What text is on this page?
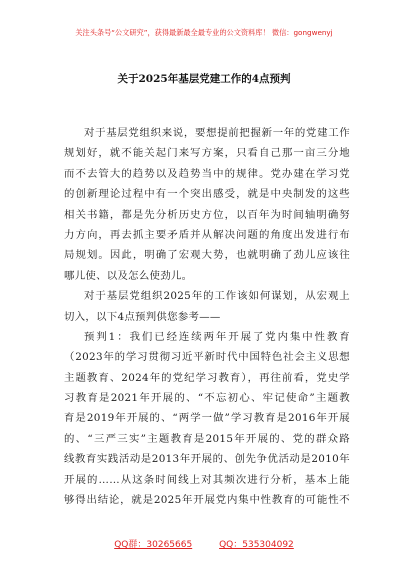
关注头条号“公文研究”，获得最新最全最专业的公文资料库！ 微信：gongwenyj
关于2025年基层党建工作的4点预判
对于基层党组织来说，要想提前把握新一年的党建工作
规划好，就不能关起门来写方案，只看自己那一亩三分地
而不去管大的趋势以及趋势当中的规律。党办建在学习党
的创新理论过程中有一个突出感受，就是中央制发的这些
相关书籍，都是先分析历史方位，以百年为时间轴明确努
力方向，再去抓主要矛盾并从解决问题的角度出发进行布
局规划。因此，明确了宏观大势，也就明确了劲儿应该往
哪儿使、以及怎么使劲儿。
对于基层党组织2025年的工作该如何谋划，从宏观上
切入，以下4点预判供您参考——
预判1：我们已经连续两年开展了党内集中性教育
（2023年的学习贯彻习近平新时代中国特色社会主义思想
主题教育、2024年的党纪学习教育），再往前看，党史学
习教育是2021年开展的、“不忘初心、牢记使命”主题教
育是2019年开展的、“两学一做”学习教育是2016年开展
的、“三严三实”主题教育是2015年开展的、党的群众路
线教育实践活动是2013年开展的、创先争优活动是2010年
开展的……从这条时间线上对其频次进行分析，基本上能
够得出结论，就是2025年开展党内集中性教育的可能性不
QQ群：30265665	QQ：535304092
